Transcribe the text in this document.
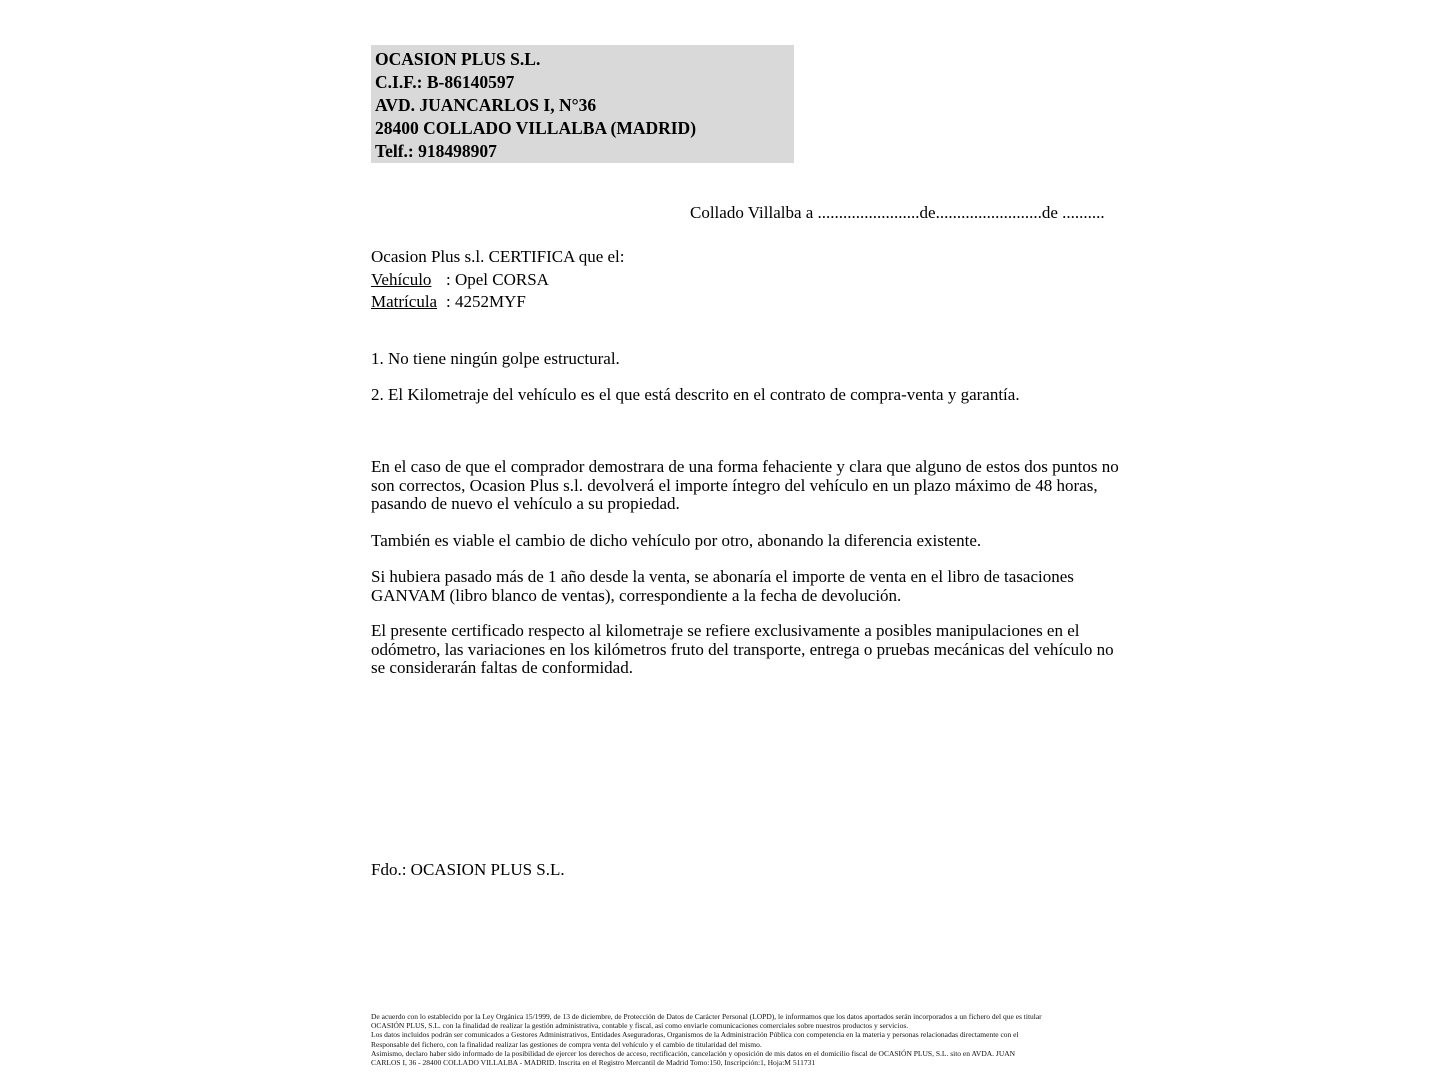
OCASION PLUS S.L.
C.I.F.: B-86140597
AVD. JUANCARLOS I, N°36
28400 COLLADO VILLALBA (MADRID)
Telf.: 918498907
Collado Villalba a ........................de.........................de ..........
Ocasion Plus s.l. CERTIFICA que el:
Vehículo : Opel CORSA
Matrícula : 4252MYF
1. No tiene ningún golpe estructural.
2. El Kilometraje del vehículo es el que está descrito en el contrato de compra-venta y garantía.
En el caso de que el comprador demostrara de una forma fehaciente y clara que alguno de estos dos puntos no
son correctos, Ocasion Plus s.l. devolverá el importe íntegro del vehículo en un plazo máximo de 48 horas,
pasando de nuevo el vehículo a su propiedad.
También es viable el cambio de dicho vehículo por otro, abonando la diferencia existente.
Si hubiera pasado más de 1 año desde la venta, se abonaría el importe de venta en el libro de tasaciones
GANVAM (libro blanco de ventas), correspondiente a la fecha de devolución.
El presente certificado respecto al kilometraje se refiere exclusivamente a posibles manipulaciones en el
odómetro, las variaciones en los kilómetros fruto del transporte, entrega o pruebas mecánicas del vehículo no
se considerarán faltas de conformidad.
Fdo.: OCASION PLUS S.L.
De acuerdo con lo establecido por la Ley Orgánica 15/1999, de 13 de diciembre, de Protección de Datos de Carácter Personal (LOPD), le informamos que los datos aportados serán incorporados a un fichero del que es titular
OCASIÓN PLUS, S.L. con la finalidad de realizar la gestión administrativa, contable y fiscal, así como enviarle comunicaciones comerciales sobre nuestros productos y servicios.
Los datos incluidos podrán ser comunicados a Gestores Administrativos, Entidades Aseguradoras, Organismos de la Administración Pública con competencia en la materia y personas relacionadas directamente con el
Responsable del fichero, con la finalidad realizar las gestiones de compra venta del vehículo y el cambio de titularidad del mismo.
Asimismo, declaro haber sido informado de la posibilidad de ejercer los derechos de acceso, rectificación, cancelación y oposición de mis datos en el domicilio fiscal de OCASIÓN PLUS, S.L. sito en AVDA. JUAN
CARLOS I, 36 - 28400 COLLADO VILLALBA - MADRID. Inscrita en el Registro Mercantil de Madrid Tomo:150, Inscripción:1, Hoja:M 511731
